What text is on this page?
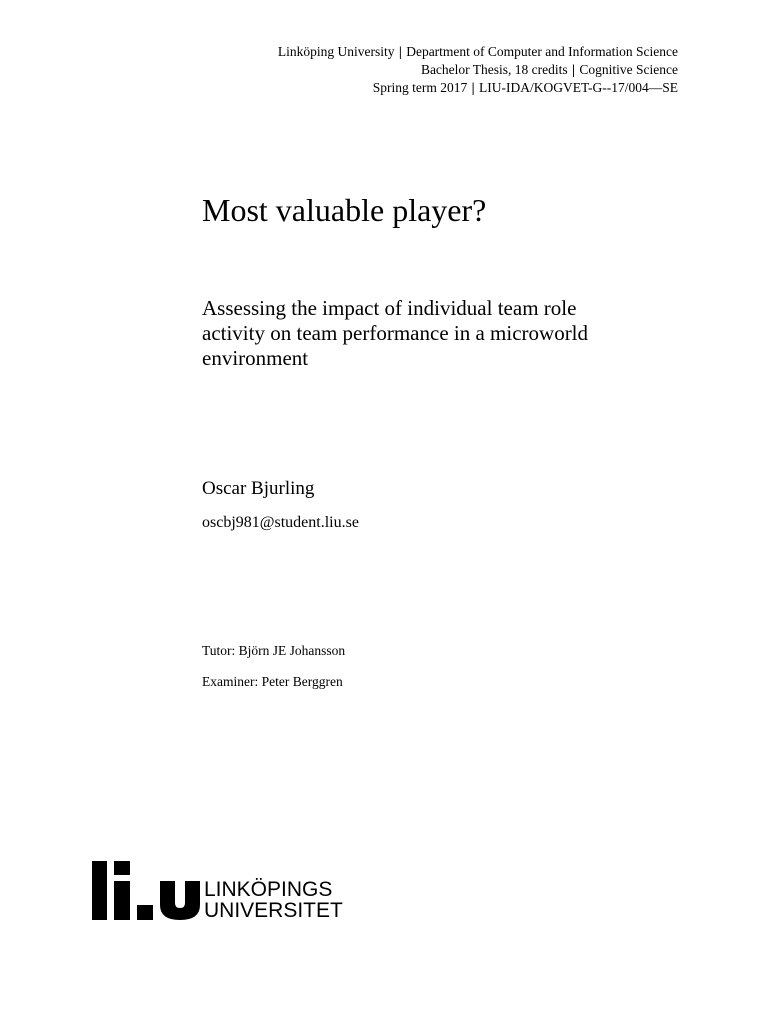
Linköping University | Department of Computer and Information Science
Bachelor Thesis, 18 credits | Cognitive Science
Spring term 2017 | LIU-IDA/KOGVET-G--17/004—SE
Most valuable player?
Assessing the impact of individual team role
activity on team performance in a microworld
environment
Oscar Bjurling
oscbj981@student.liu.se
Tutor: Björn JE Johansson
Examiner: Peter Berggren
LINKÖPINGS
UNIVERSITET
